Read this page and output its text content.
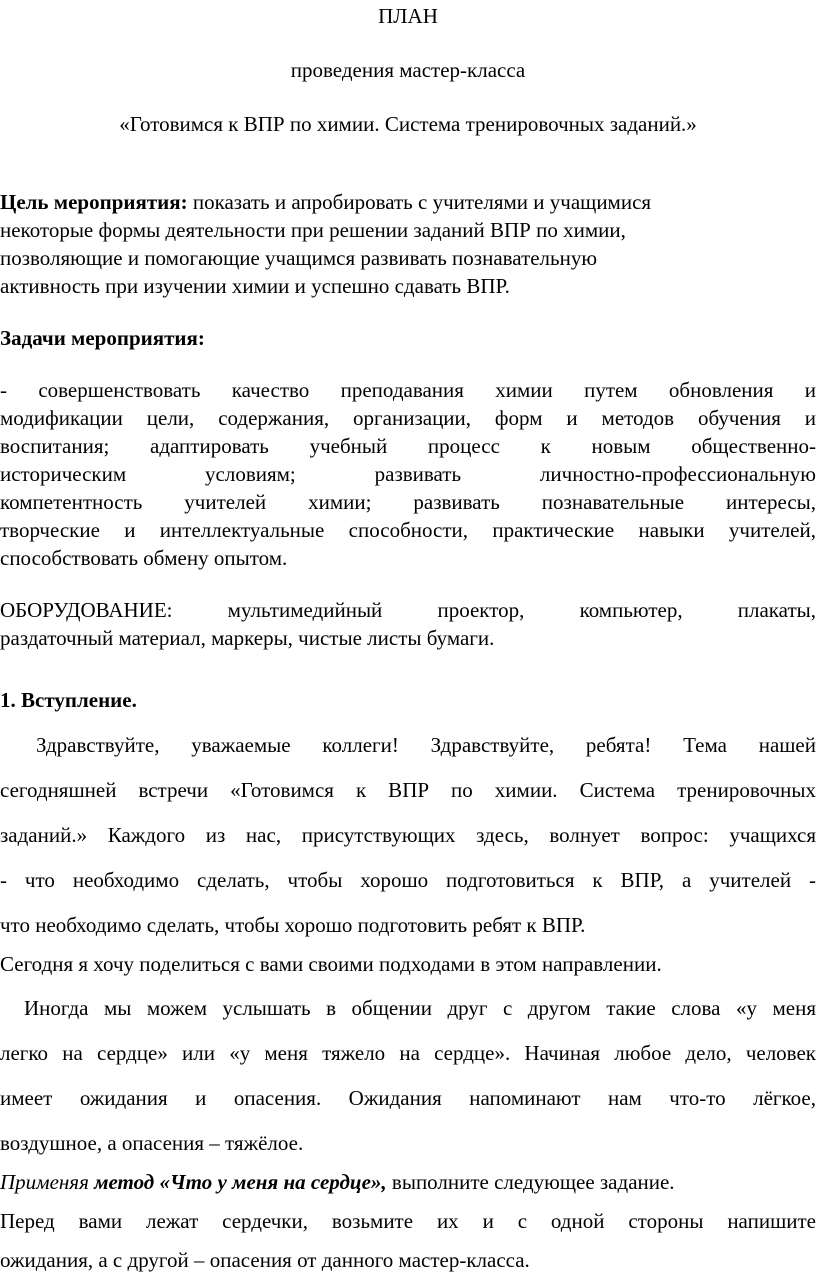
ПЛАН
проведения мастер-класса
«Готовимся к ВПР по химии. Система тренировочных заданий.»
Цель мероприятия: показать и апробировать с учителями и учащимися
некоторые формы деятельности при решении заданий ВПР по химии,
позволяющие и помогающие учащимся развивать познавательную
активность при изучении химии и успешно сдавать ВПР.
Задачи мероприятия:
- совершенствовать качество преподавания химии путем обновления и
модификации цели, содержания, организации, форм и методов обучения и
воспитания; адаптировать учебный процесс к новым общественно-
историческим условиям; развивать личностно-профессиональную
компетентность учителей химии; развивать познавательные интересы,
творческие и интеллектуальные способности, практические навыки учителей,
способствовать обмену опытом.
ОБОРУДОВАНИЕ: мультимедийный проектор, компьютер, плакаты,
раздаточный материал, маркеры, чистые листы бумаги.
1. Вступление.
Здравствуйте, уважаемые коллеги! Здравствуйте, ребята! Тема нашей
сегодняшней встречи «Готовимся к ВПР по химии. Система тренировочных
заданий.» Каждого из нас, присутствующих здесь, волнует вопрос: учащихся
- что необходимо сделать, чтобы хорошо подготовиться к ВПР, а учителей -
что необходимо сделать, чтобы хорошо подготовить ребят к ВПР.
Сегодня я хочу поделиться с вами своими подходами в этом направлении.
Иногда мы можем услышать в общении друг с другом такие слова «у меня
легко на сердце» или «у меня тяжело на сердце». Начиная любое дело, человек
имеет ожидания и опасения. Ожидания напоминают нам что-то лёгкое,
воздушное, а опасения – тяжёлое.
Применяя метод «Что у меня на сердце», выполните следующее задание.
Перед вами лежат сердечки, возьмите их и с одной стороны напишите
ожидания, а с другой – опасения от данного мастер-класса.
